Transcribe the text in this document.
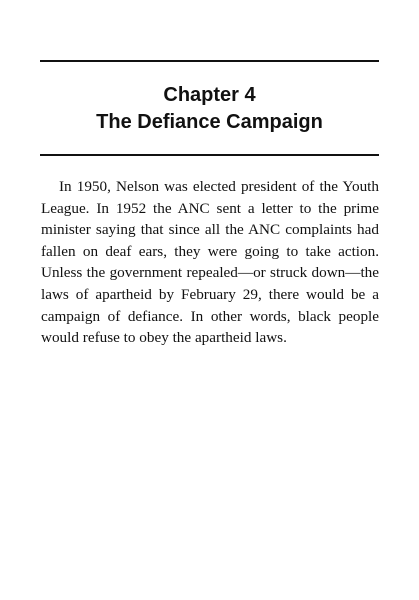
Chapter 4
The Defiance Campaign

In 1950, Nelson was elected president of the Youth League. In 1952 the ANC sent a letter to the prime minister saying that since all the ANC complaints had fallen on deaf ears, they were going to take action. Unless the government repealed—or struck down—the laws of apartheid by February 29, there would be a campaign of defiance. In other words, black people would refuse to obey the apartheid laws.
